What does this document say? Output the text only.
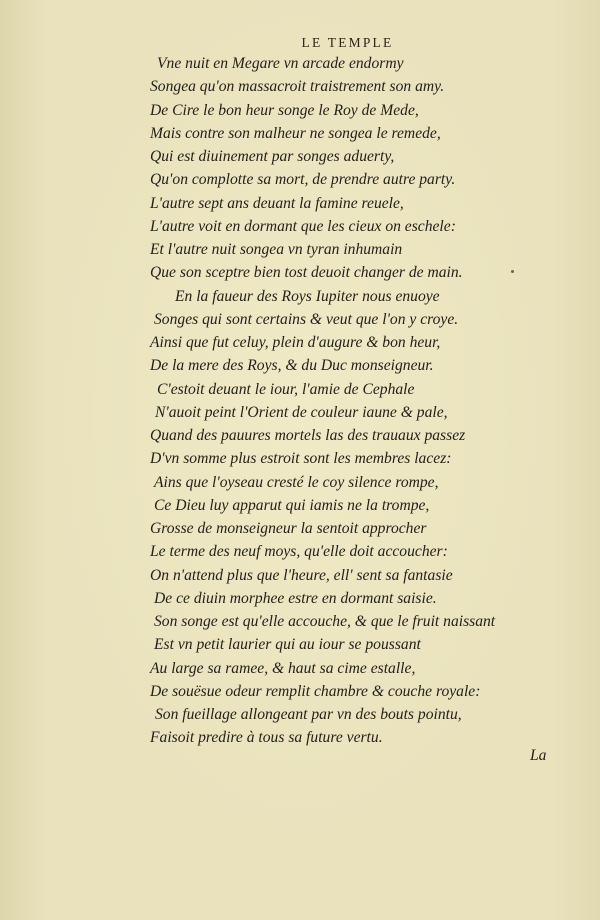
LE TEMPLE
Vne nuit en Megare vn arcade endormy
Songea qu'on massacroit traistrement son amy.
De Cire le bon heur songe le Roy de Mede,
Mais contre son malheur ne songea le remede,
Qui est diuinement par songes aduerty,
Qu'on complotte sa mort, de prendre autre party.
L'autre sept ans deuant la famine reuele,
L'autre voit en dormant que les cieux on eschele:
Et l'autre nuit songea vn tyran inhumain
Que son sceptre bien tost deuoit changer de main.
En la faueur des Roys Iupiter nous enuoye
Songes qui sont certains & veut que l'on y croye.
Ainsi que fut celuy, plein d'augure & bon heur,
De la mere des Roys, & du Duc monseigneur.
C'estoit deuant le iour, l'amie de Cephale
N'auoit peint l'Orient de couleur iaune & pale,
Quand des pauures mortels las des trauaux passez
D'vn somme plus estroit sont les membres lacez:
Ains que l'oyseau cresté le coy silence rompe,
Ce Dieu luy apparut qui iamis ne la trompe,
Grosse de monseigneur la sentoit approcher
Le terme des neuf moys, qu'elle doit accoucher:
On n'attend plus que l'heure, ell' sent sa fantasie
De ce diuin morphee estre en dormant saisie.
Son songe est qu'elle accouche, & que le fruit naissant
Est vn petit laurier qui au iour se poussant
Au large sa ramee, & haut sa cime estalle,
De souësue odeur remplit chambre & couche royale:
Son fueillage allongeant par vn des bouts pointu,
Faisoit predire à tous sa future vertu.
La
